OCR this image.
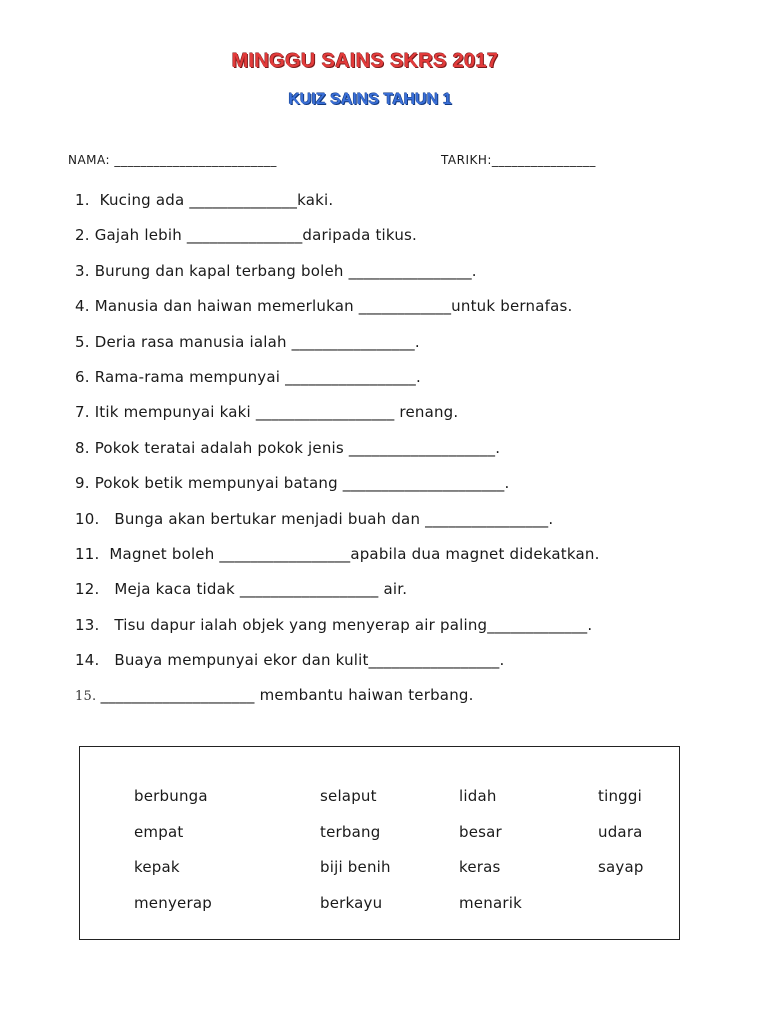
MINGGU SAINS SKRS 2017
KUIZ SAINS TAHUN 1
NAMA: _________________________	TARIKH:________________
1.  Kucing ada ______________kaki.
2. Gajah lebih _______________daripada tikus.
3. Burung dan kapal terbang boleh ________________.
4. Manusia dan haiwan memerlukan ____________untuk bernafas.
5. Deria rasa manusia ialah ________________.
6. Rama-rama mempunyai _________________.
7. Itik mempunyai kaki __________________ renang.
8. Pokok teratai adalah pokok jenis ___________________.
9. Pokok betik mempunyai batang _____________________.
10.   Bunga akan bertukar menjadi buah dan ________________.
11.  Magnet boleh _________________apabila dua magnet didekatkan.
12.   Meja kaca tidak __________________ air.
13.   Tisu dapur ialah objek yang menyerap air paling_____________.
14.   Buaya mempunyai ekor dan kulit_________________.
15. ____________________ membantu haiwan terbang.
berbunga	selaput	lidah	tinggi
empat	terbang	besar	udara
kepak	biji benih	keras	sayap
menyerap	berkayu	menarik
